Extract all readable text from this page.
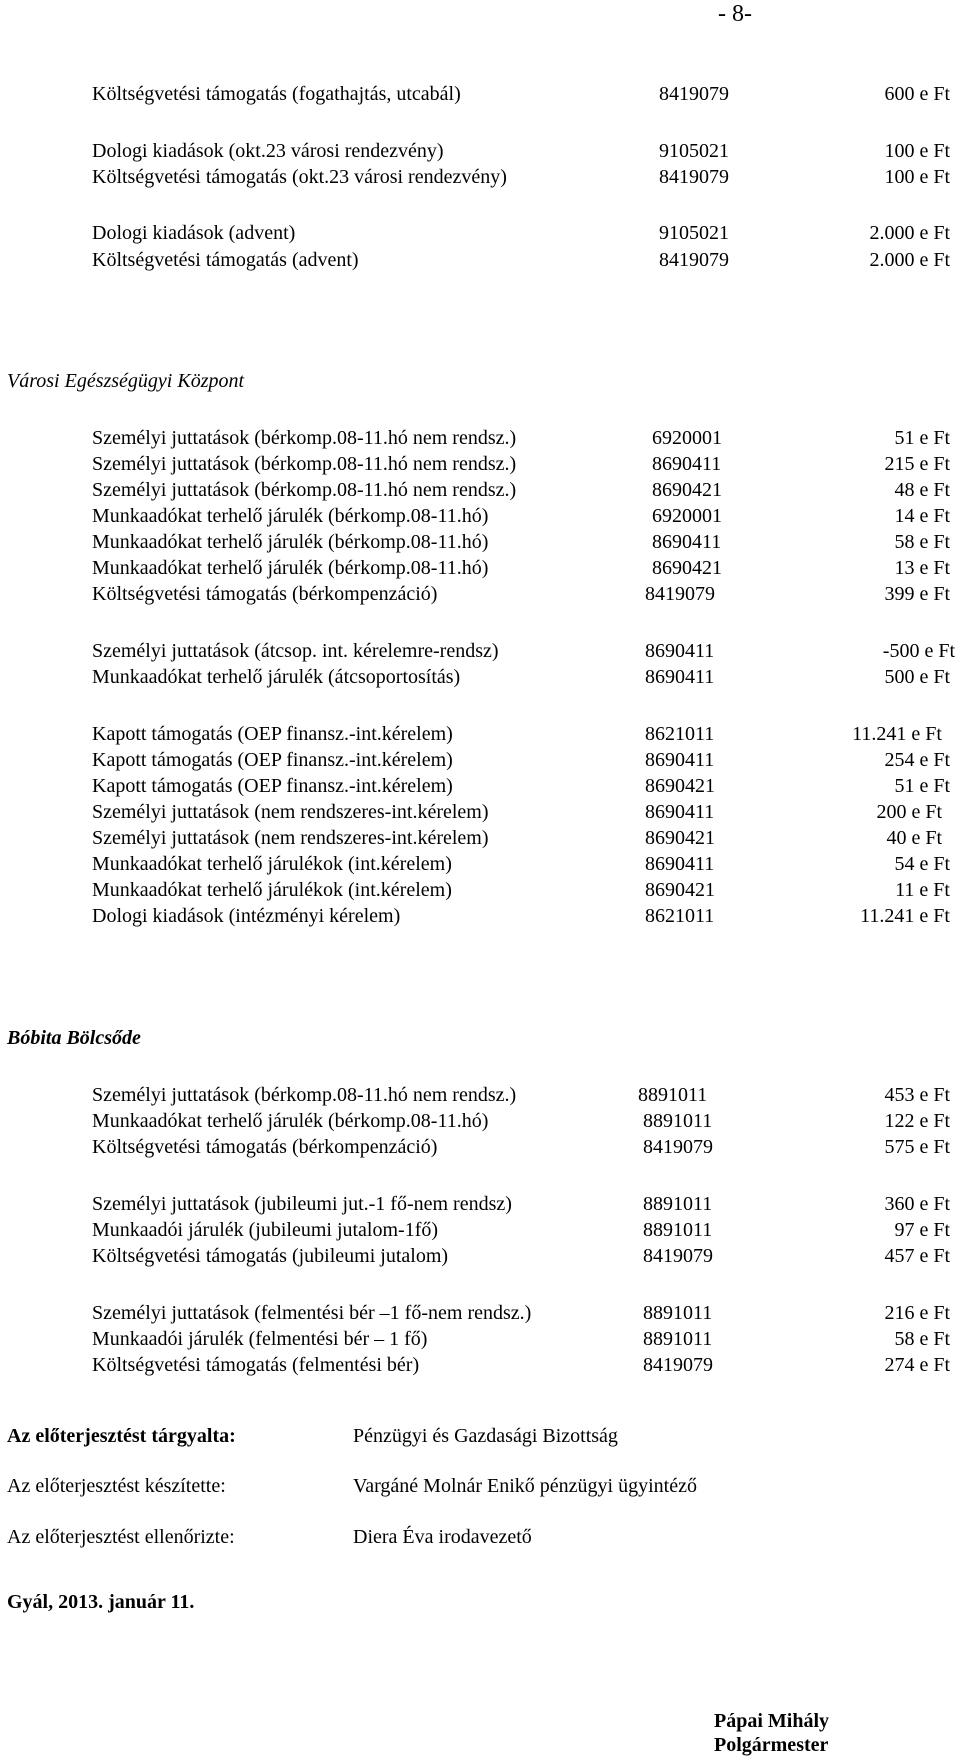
- 8-
Költségvetési támogatás (fogathajtás, utcabál)	8419079	600 e Ft
Dologi kiadások (okt.23 városi rendezvény)	9105021	100 e Ft
Költségvetési támogatás (okt.23 városi rendezvény)	8419079	100 e Ft
Dologi kiadások (advent)	9105021	2.000 e Ft
Költségvetési támogatás (advent)	8419079	2.000 e Ft
Városi Egészségügyi Központ
Személyi juttatások (bérkomp.08-11.hó nem rendsz.)	6920001	51 e Ft
Személyi juttatások (bérkomp.08-11.hó nem rendsz.)	8690411	215 e Ft
Személyi juttatások (bérkomp.08-11.hó nem rendsz.)	8690421	48 e Ft
Munkaadókat terhelő járulék (bérkomp.08-11.hó)	6920001	14 e Ft
Munkaadókat terhelő járulék (bérkomp.08-11.hó)	8690411	58 e Ft
Munkaadókat terhelő járulék (bérkomp.08-11.hó)	8690421	13 e Ft
Költségvetési támogatás (bérkompenzáció)	8419079	399 e Ft
Személyi juttatások (átcsop. int. kérelemre-rendsz)	8690411	-500 e Ft
Munkaadókat terhelő járulék (átcsoportosítás)	8690411	500 e Ft
Kapott támogatás (OEP finansz.-int.kérelem)	8621011	11.241 e Ft
Kapott támogatás (OEP finansz.-int.kérelem)	8690411	254 e Ft
Kapott támogatás (OEP finansz.-int.kérelem)	8690421	51 e Ft
Személyi juttatások (nem rendszeres-int.kérelem)	8690411	200 e Ft
Személyi juttatások (nem rendszeres-int.kérelem)	8690421	40 e Ft
Munkaadókat terhelő járulékok (int.kérelem)	8690411	54 e Ft
Munkaadókat terhelő járulékok (int.kérelem)	8690421	11 e Ft
Dologi kiadások (intézményi kérelem)	8621011	11.241 e Ft
Bóbita Bölcsőde
Személyi juttatások (bérkomp.08-11.hó nem rendsz.)	8891011	453 e Ft
Munkaadókat terhelő járulék (bérkomp.08-11.hó)	8891011	122 e Ft
Költségvetési támogatás (bérkompenzáció)	8419079	575 e Ft
Személyi juttatások (jubileumi jut.-1 fő-nem rendsz)	8891011	360 e Ft
Munkaadói járulék (jubileumi jutalom-1fő)	8891011	97 e Ft
Költségvetési támogatás (jubileumi jutalom)	8419079	457 e Ft
Személyi juttatások (felmentési bér –1 fő-nem rendsz.)	8891011	216 e Ft
Munkaadói járulék (felmentési bér – 1 fő)	8891011	58 e Ft
Költségvetési támogatás (felmentési bér)	8419079	274 e Ft
Az előterjesztést tárgyalta:	Pénzügyi és Gazdasági Bizottság
Az előterjesztést készítette:	Vargáné Molnár Enikő pénzügyi ügyintéző
Az előterjesztést ellenőrizte:	Diera Éva irodavezető
Gyál, 2013. január 11.
Pápai Mihály
Polgármester
